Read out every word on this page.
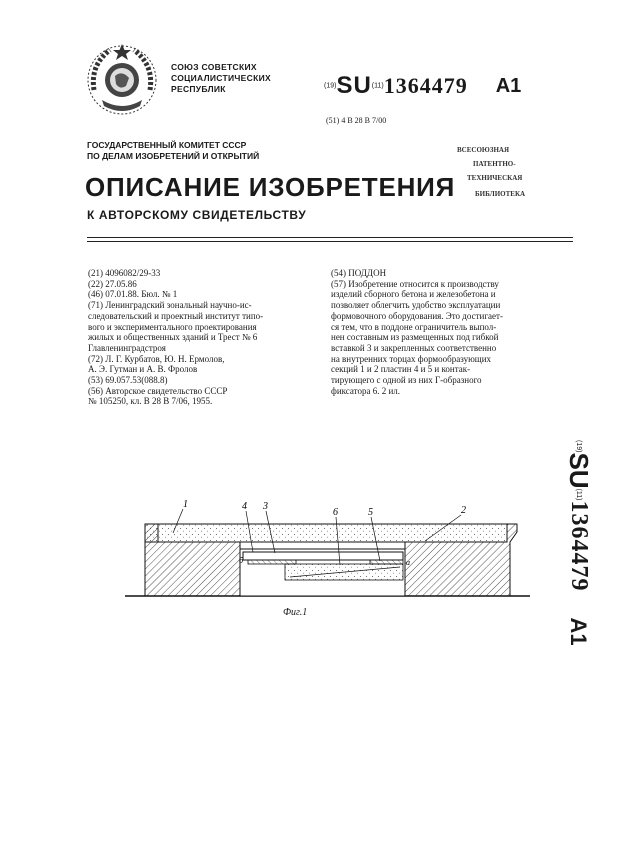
СОЮЗ СОВЕТСКИХ
СОЦИАЛИСТИЧЕСКИХ
РЕСПУБЛИК	(19)SU(11)1364479 A1
(51) 4 В 28 В 7/00
ГОСУДАРСТВЕННЫЙ КОМИТЕТ СССР
ПО ДЕЛАМ ИЗОБРЕТЕНИЙ И ОТКРЫТИЙ
ВСЕСОЮЗНАЯ
ПАТЕНТНО-
ТЕХНИЧЕСКАЯ
БИБЛИОТЕКА
ОПИСАНИЕ ИЗОБРЕТЕНИЯ
К АВТОРСКОМУ СВИДЕТЕЛЬСТВУ
(21) 4096082/29-33
(22) 27.05.86
(46) 07.01.88. Бюл. № 1
(71) Ленинградский зональный научно-ис-
следовательский и проектный институт типо-
вого и экспериментального проектирования
жилых и общественных зданий и Трест № 6
Главленинградстроя
(72) Л. Г. Курбатов, Ю. Н. Ермолов,
А. Э. Гутман и А. В. Фролов
(53) 69.057.53(088.8)
(56) Авторское свидетельство СССР
№ 105250, кл. В 28 В 7/06, 1955.
(54) ПОДДОН
(57) Изобретение относится к производству
изделий сборного бетона и железобетона и
позволяет облегчить удобство эксплуатации
формовочного оборудования. Это достигает-
ся тем, что в поддоне ограничитель выпол-
нен составным из размещенных под гибкой
вставкой 3 и закрепленных соответственно
на внутренних торцах формообразующих
секций 1 и 2 пластин 4 и 5 и контак-
тирующего с одной из них Г-образного
фиксатора 6. 2 ил.
(19)SU(11)1364479A1
1	4 3
6	5	2
б	а
Фиг.1
